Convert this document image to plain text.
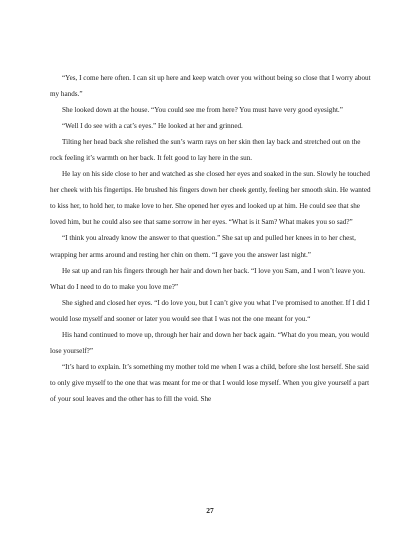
“Yes, I come here often. I can sit up here and keep watch over you without being so close that I worry about my hands.”

She looked down at the house. “You could see me from here? You must have very good eyesight.”

“Well I do see with a cat’s eyes.” He looked at her and grinned.

Tilting her head back she relished the sun’s warm rays on her skin then lay back and stretched out on the rock feeling it’s warmth on her back. It felt good to lay here in the sun.

He lay on his side close to her and watched as she closed her eyes and soaked in the sun. Slowly he touched her cheek with his fingertips. He brushed his fingers down her cheek gently, feeling her smooth skin. He wanted to kiss her, to hold her, to make love to her. She opened her eyes and looked up at him. He could see that she loved him, but he could also see that same sorrow in her eyes. “What is it Sam? What makes you so sad?”

“I think you already know the answer to that question.” She sat up and pulled her knees in to her chest, wrapping her arms around and resting her chin on them. “I gave you the answer last night.”

He sat up and ran his fingers through her hair and down her back. “I love you Sam, and I won’t leave you. What do I need to do to make you love me?”

She sighed and closed her eyes. “I do love you, but I can’t give you what I’ve promised to another. If I did I would lose myself and sooner or later you would see that I was not the one meant for you.“

His hand continued to move up, through her hair and down her back again. “What do you mean, you would lose yourself?”

“It’s hard to explain. It’s something my mother told me when I was a child, before she lost herself. She said to only give myself to the one that was meant for me or that I would lose myself. When you give yourself a part of your soul leaves and the other has to fill the void. She

27
